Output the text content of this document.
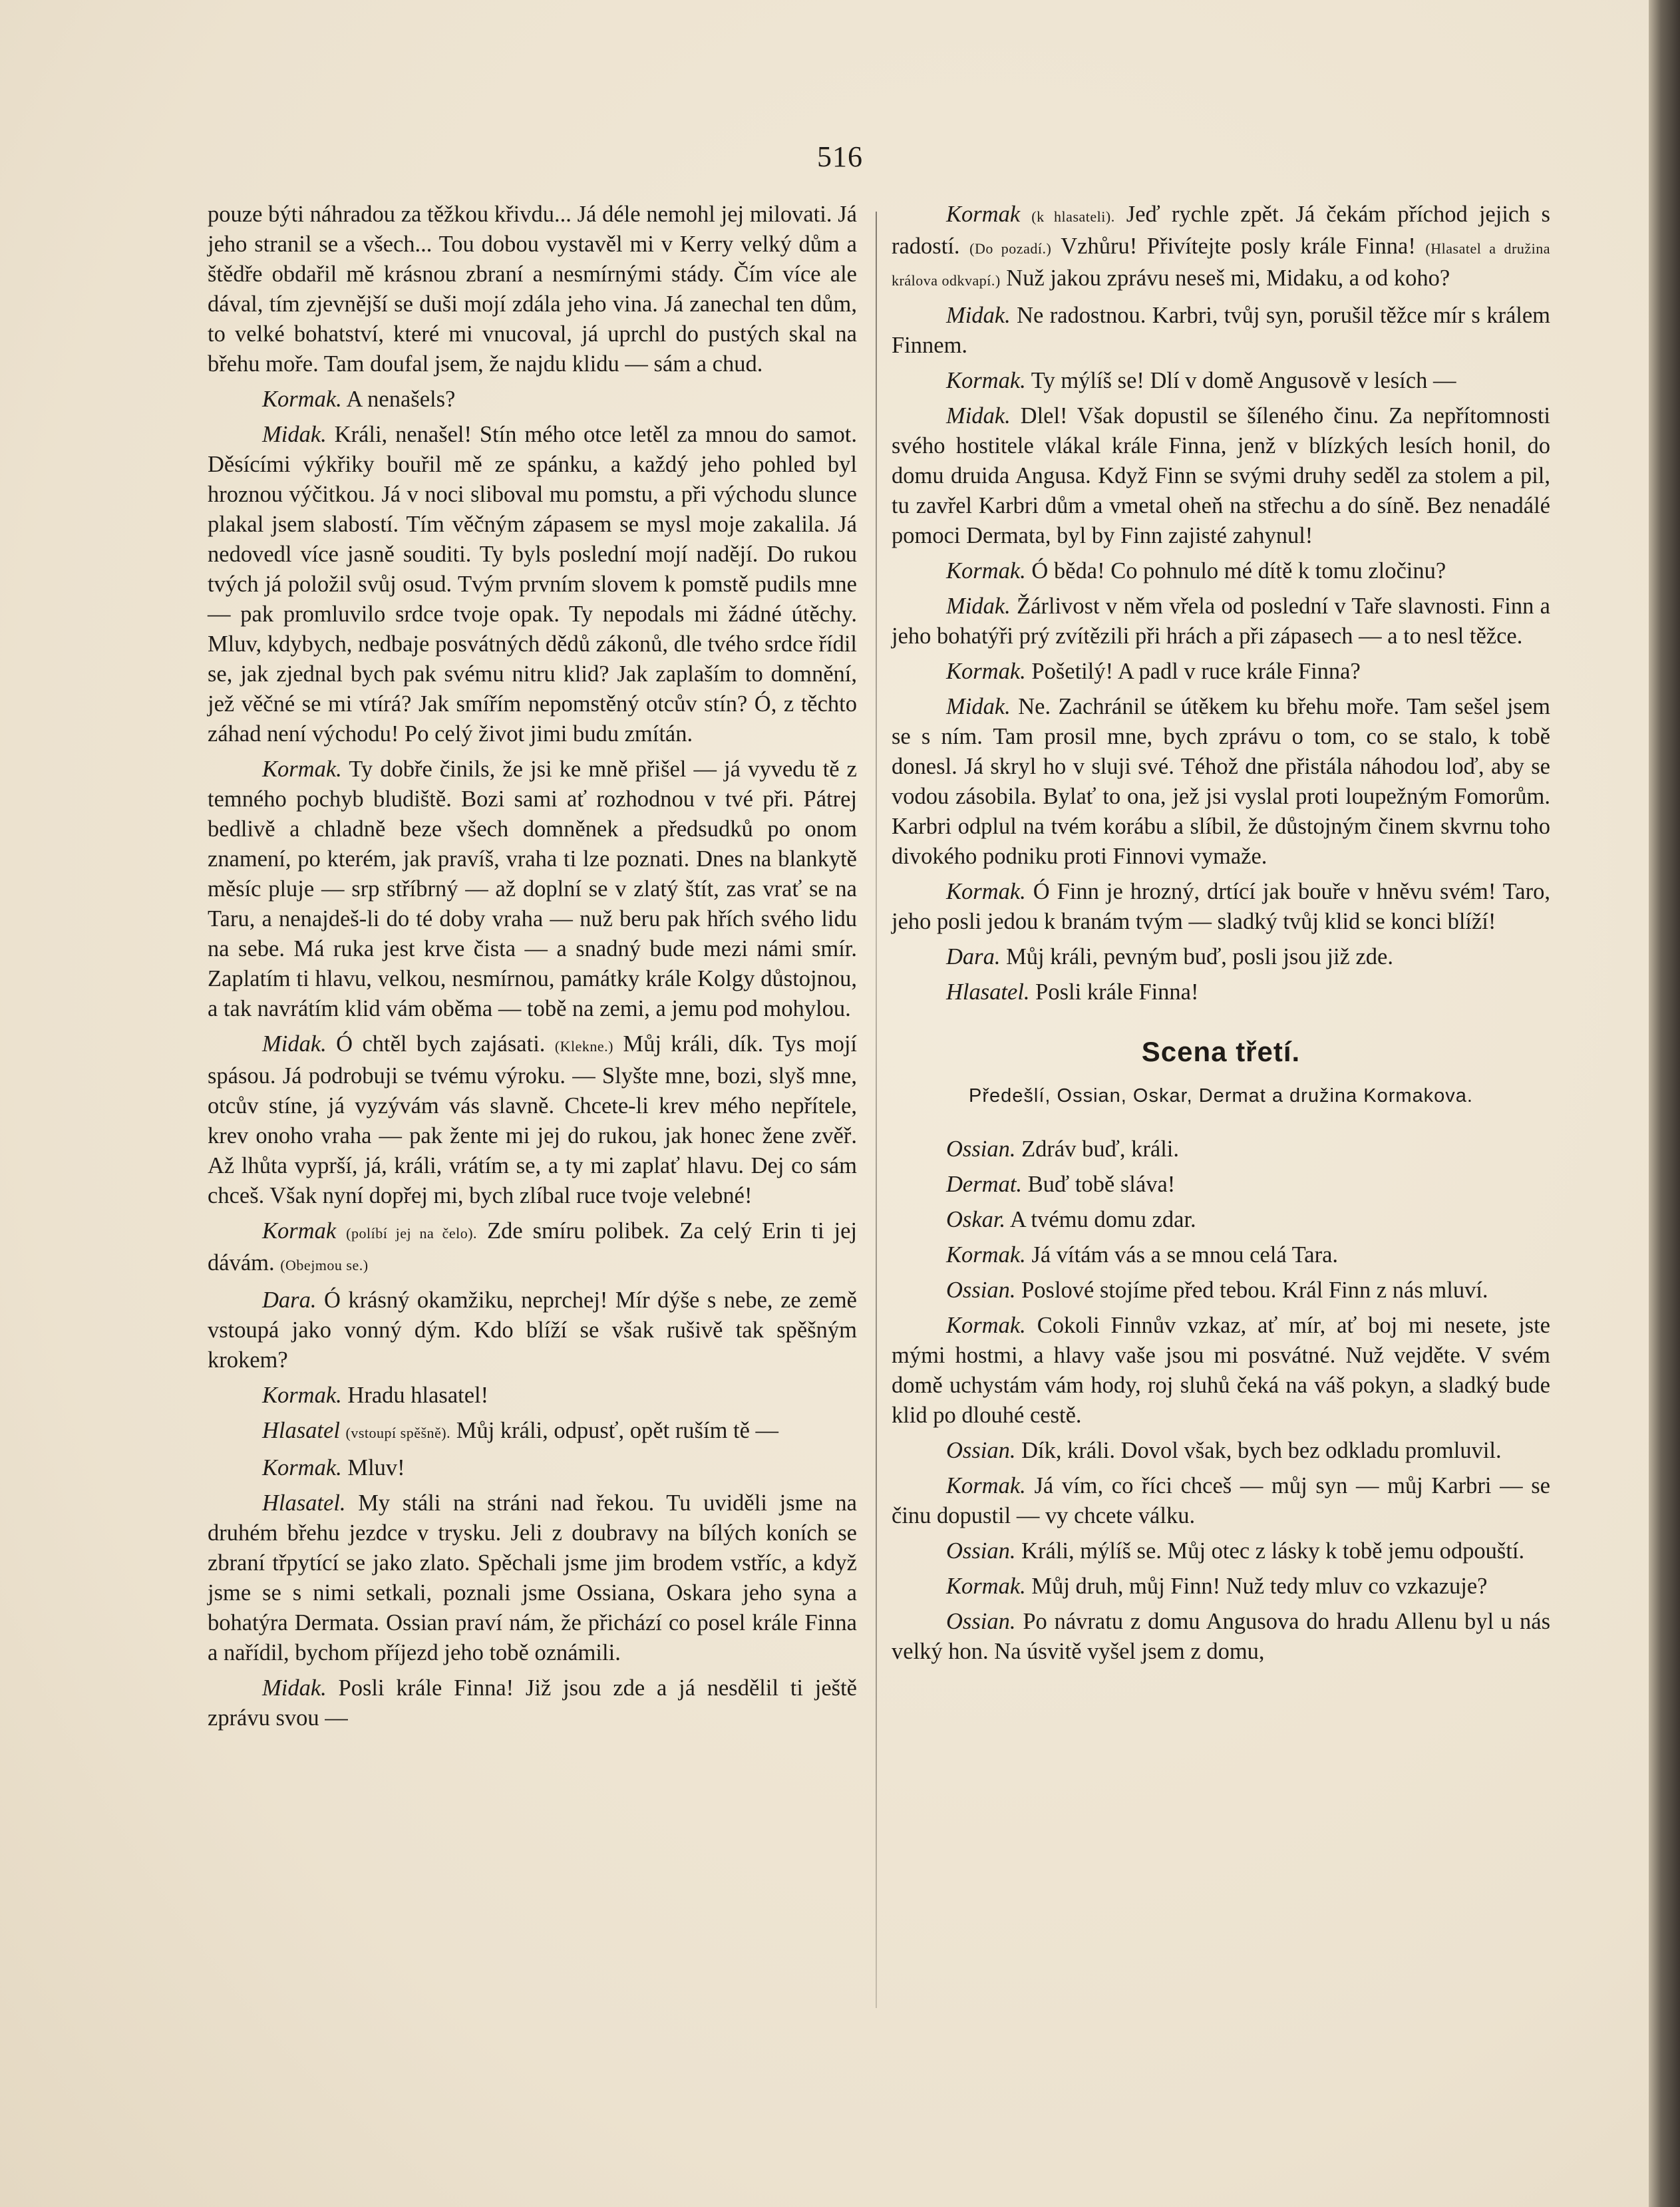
516

pouze býti náhradou za těžkou křivdu... Já déle nemohl jej milovati. Já jeho stranil se a všech... Tou dobou vystavěl mi v Kerry velký dům a štědře obdařil mě krásnou zbraní a nesmírnými stády. Čím více ale dával, tím zjevnější se duši mojí zdála jeho vina. Já zanechal ten dům, to velké bohatství, které mi vnucoval, já uprchl do pustých skal na břehu moře. Tam doufal jsem, že najdu klidu — sám a chud.

Kormak. A nenašels?

Midak. Králi, nenašel! Stín mého otce letěl za mnou do samot. Děsícími výkřiky bouřil mě ze spánku, a každý jeho pohled byl hroznou výčitkou. Já v noci sliboval mu pomstu, a při východu slunce plakal jsem slabostí. Tím věčným zápasem se mysl moje zakalila. Já nedovedl více jasně souditi. Ty byls poslední mojí nadějí. Do rukou tvých já položil svůj osud. Tvým prvním slovem k pomstě pudils mne — pak promluvilo srdce tvoje opak. Ty nepodals mi žádné útěchy. Mluv, kdybych, nedbaje posvátných dědů zákonů, dle tvého srdce řídil se, jak zjednal bych pak svému nitru klid? Jak zaplaším to domnění, jež věčné se mi vtírá? Jak smířím nepomstěný otcův stín? Ó, z těchto záhad není východu! Po celý život jimi budu zmítán.

Kormak. Ty dobře činils, že jsi ke mně přišel — já vyvedu tě z temného pochyb bludiště. Bozi sami ať rozhodnou v tvé při. Pátrej bedlivě a chladně beze všech domněnek a předsudků po onom znamení, po kterém, jak pravíš, vraha ti lze poznati. Dnes na blankytě měsíc pluje — srp stříbrný — až doplní se v zlatý štít, zas vrať se na Taru, a nenajdeš-li do té doby vraha — nuž beru pak hřích svého lidu na sebe. Má ruka jest krve čista — a snadný bude mezi námi smír. Zaplatím ti hlavu, velkou, nesmírnou, památky krále Kolgy důstojnou, a tak navrátím klid vám oběma — tobě na zemi, a jemu pod mohylou.

Midak. Ó chtěl bych zajásati. (Klekne.) Můj králi, dík. Tys mojí spásou. Já podrobuji se tvému výroku. — Slyšte mne, bozi, slyš mne, otcův stíne, já vyzývám vás slavně. Chcete-li krev mého nepřítele, krev onoho vraha — pak žente mi jej do rukou, jak honec žene zvěř. Až lhůta vyprší, já, králi, vrátím se, a ty mi zaplať hlavu. Dej co sám chceš. Však nyní dopřej mi, bych zlíbal ruce tvoje velebné!

Kormak (políbí jej na čelo). Zde smíru polibek. Za celý Erin ti jej dávám. (Obejmou se.)

Dara. Ó krásný okamžiku, neprchej! Mír dýše s nebe, ze země vstoupá jako vonný dým. Kdo blíží se však rušivě tak spěšným krokem?

Kormak. Hradu hlasatel!

Hlasatel (vstoupí spěšně). Můj králi, odpusť, opět ruším tě —

Kormak. Mluv!

Hlasatel. My stáli na stráni nad řekou. Tu uviděli jsme na druhém břehu jezdce v trysku. Jeli z doubravy na bílých koních se zbraní třpytící se jako zlato. Spěchali jsme jim brodem vstříc, a když jsme se s nimi setkali, poznali jsme Ossiana, Oskara jeho syna a bohatýra Dermata. Ossian praví nám, že přichází co posel krále Finna a nařídil, bychom příjezd jeho tobě oznámili.

Midak. Posli krále Finna! Již jsou zde a já nesdělil ti ještě zprávu svou —

Kormak (k hlasateli). Jeď rychle zpět. Já čekám příchod jejich s radostí. (Do pozadí.) Vzhůru! Přivítejte posly krále Finna! (Hlasatel a družina králova odkvapí.) Nuž jakou zprávu neseš mi, Midaku, a od koho?

Midak. Ne radostnou. Karbri, tvůj syn, porušil těžce mír s králem Finnem.

Kormak. Ty mýlíš se! Dlí v domě Angusově v lesích —

Midak. Dlel! Však dopustil se šíleného činu. Za nepřítomnosti svého hostitele vlákal krále Finna, jenž v blízkých lesích honil, do domu druida Angusa. Když Finn se svými druhy seděl za stolem a pil, tu zavřel Karbri dům a vmetal oheň na střechu a do síně. Bez nenadálé pomoci Dermata, byl by Finn zajisté zahynul!

Kormak. Ó běda! Co pohnulo mé dítě k tomu zločinu?

Midak. Žárlivost v něm vřela od poslední v Taře slavnosti. Finn a jeho bohatýři prý zvítězili při hrách a při zápasech — a to nesl těžce.

Kormak. Pošetilý! A padl v ruce krále Finna?

Midak. Ne. Zachránil se útěkem ku břehu moře. Tam sešel jsem se s ním. Tam prosil mne, bych zprávu o tom, co se stalo, k tobě donesl. Já skryl ho v sluji své. Téhož dne přistála náhodou loď, aby se vodou zásobila. Bylať to ona, jež jsi vyslal proti loupežným Fomorům. Karbri odplul na tvém korábu a slíbil, že důstojným činem skvrnu toho divokého podniku proti Finnovi vymaže.

Kormak. Ó Finn je hrozný, drtící jak bouře v hněvu svém! Taro, jeho posli jedou k branám tvým — sladký tvůj klid se konci blíží!

Dara. Můj králi, pevným buď, posli jsou již zde.

Hlasatel. Posli krále Finna!

Scena třetí.
Předešlí, Ossian, Oskar, Dermat a družina Kormakova.

Ossian. Zdráv buď, králi.

Dermat. Buď tobě sláva!

Oskar. A tvému domu zdar.

Kormak. Já vítám vás a se mnou celá Tara.

Ossian. Poslové stojíme před tebou. Král Finn z nás mluví.

Kormak. Cokoli Finnův vzkaz, ať mír, ať boj mi nesete, jste mými hostmi, a hlavy vaše jsou mi posvátné. Nuž vejděte. V svém domě uchystám vám hody, roj sluhů čeká na váš pokyn, a sladký bude klid po dlouhé cestě.

Ossian. Dík, králi. Dovol však, bych bez odkladu promluvil.

Kormak. Já vím, co říci chceš — můj syn — můj Karbri — se činu dopustil — vy chcete válku.

Ossian. Králi, mýlíš se. Můj otec z lásky k tobě jemu odpouští.

Kormak. Můj druh, můj Finn! Nuž tedy mluv co vzkazuje?

Ossian. Po návratu z domu Angusova do hradu Allenu byl u nás velký hon. Na úsvitě vyšel jsem z domu,
